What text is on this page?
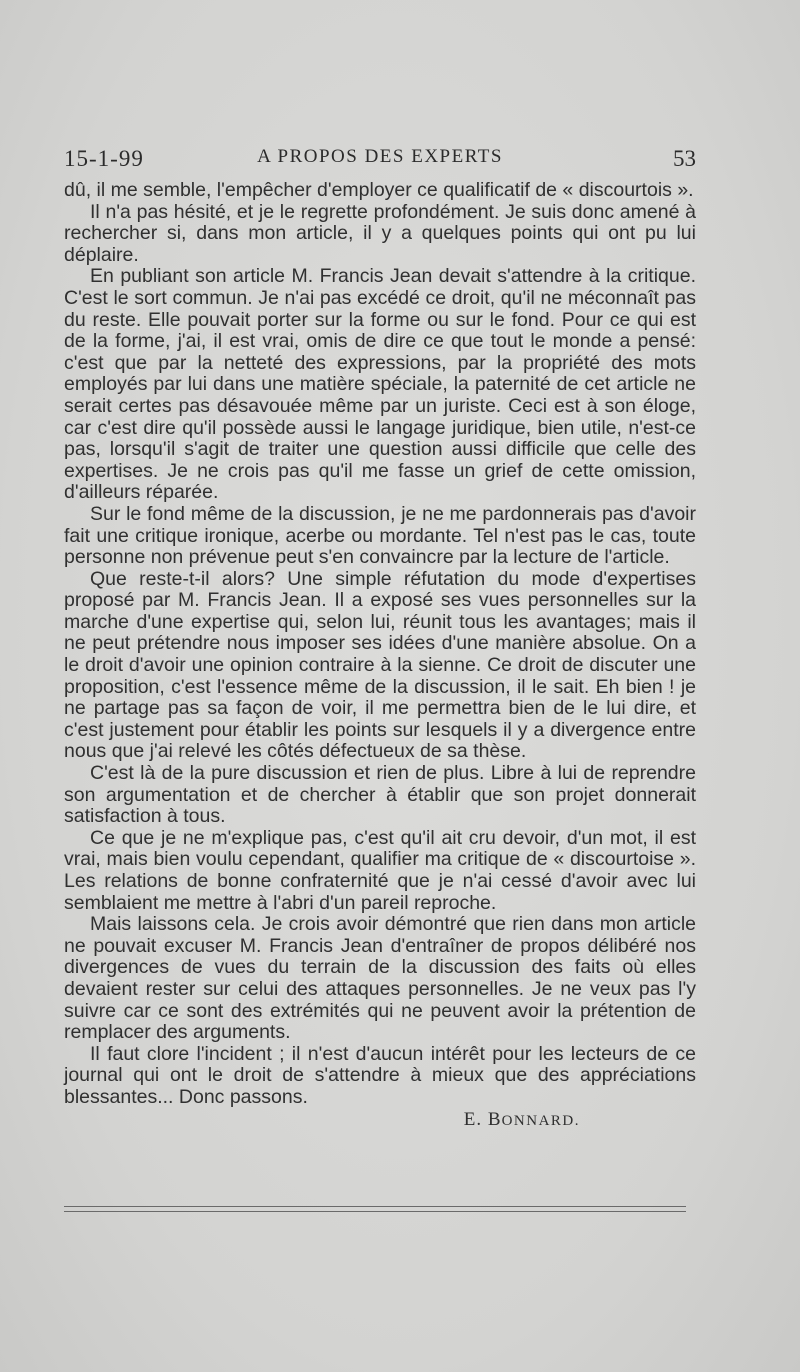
15-1-99	A PROPOS DES EXPERTS	53

dû, il me semble, l'empêcher d'employer ce qualificatif de « discourtois ».

Il n'a pas hésité, et je le regrette profondément. Je suis donc amené à rechercher si, dans mon article, il y a quelques points qui ont pu lui déplaire.

En publiant son article M. Francis Jean devait s'attendre à la critique. C'est le sort commun. Je n'ai pas excédé ce droit, qu'il ne méconnaît pas du reste. Elle pouvait porter sur la forme ou sur le fond. Pour ce qui est de la forme, j'ai, il est vrai, omis de dire ce que tout le monde a pensé: c'est que par la netteté des expressions, par la propriété des mots employés par lui dans une matière spéciale, la paternité de cet article ne serait certes pas désavouée même par un juriste. Ceci est à son éloge, car c'est dire qu'il possède aussi le langage juridique, bien utile, n'est-ce pas, lorsqu'il s'agit de traiter une question aussi difficile que celle des expertises. Je ne crois pas qu'il me fasse un grief de cette omission, d'ailleurs réparée.

Sur le fond même de la discussion, je ne me pardonnerais pas d'avoir fait une critique ironique, acerbe ou mordante. Tel n'est pas le cas, toute personne non prévenue peut s'en convaincre par la lecture de l'article.

Que reste-t-il alors? Une simple réfutation du mode d'expertises proposé par M. Francis Jean. Il a exposé ses vues personnelles sur la marche d'une expertise qui, selon lui, réunit tous les avantages; mais il ne peut prétendre nous imposer ses idées d'une manière absolue. On a le droit d'avoir une opinion contraire à la sienne. Ce droit de discuter une proposition, c'est l'essence même de la discussion, il le sait. Eh bien ! je ne partage pas sa façon de voir, il me permettra bien de le lui dire, et c'est justement pour établir les points sur lesquels il y a divergence entre nous que j'ai relevé les côtés défectueux de sa thèse.

C'est là de la pure discussion et rien de plus. Libre à lui de reprendre son argumentation et de chercher à établir que son projet donnerait satisfaction à tous.

Ce que je ne m'explique pas, c'est qu'il ait cru devoir, d'un mot, il est vrai, mais bien voulu cependant, qualifier ma critique de « discourtoise ». Les relations de bonne confraternité que je n'ai cessé d'avoir avec lui semblaient me mettre à l'abri d'un pareil reproche.

Mais laissons cela. Je crois avoir démontré que rien dans mon article ne pouvait excuser M. Francis Jean d'entraîner de propos délibéré nos divergences de vues du terrain de la discussion des faits où elles devaient rester sur celui des attaques personnelles. Je ne veux pas l'y suivre car ce sont des extrémités qui ne peuvent avoir la prétention de remplacer des arguments.

Il faut clore l'incident ; il n'est d'aucun intérêt pour les lecteurs de ce journal qui ont le droit de s'attendre à mieux que des appréciations blessantes... Donc passons.

E. BONNARD.
